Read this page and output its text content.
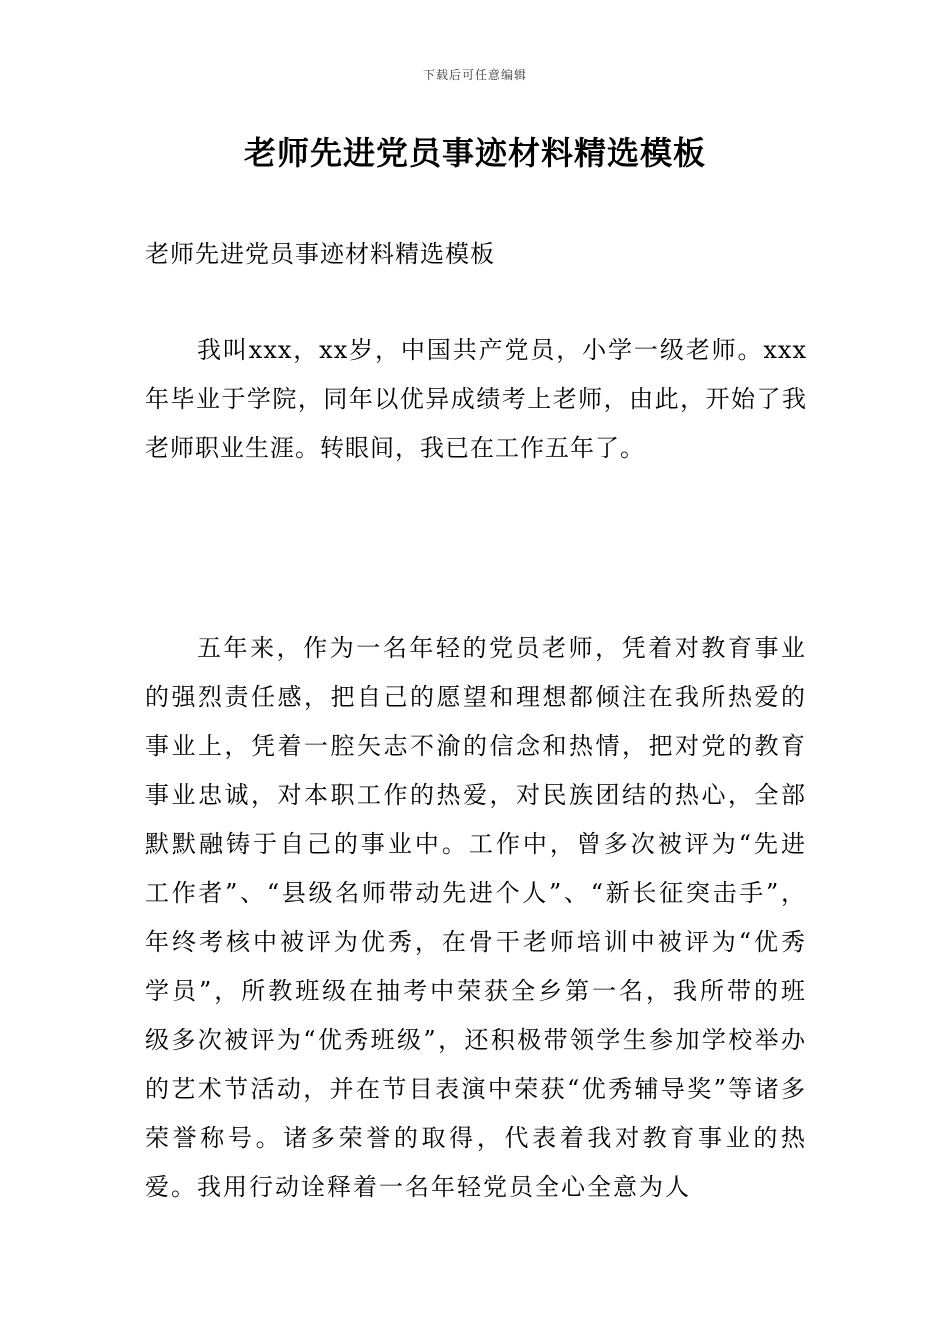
下载后可任意编辑
老师先进党员事迹材料精选模板
老师先进党员事迹材料精选模板

我叫xxx，xx岁，中国共产党员，小学一级老师。xxx年毕业于学院，同年以优异成绩考上老师，由此，开始了我老师职业生涯。转眼间，我已在工作五年了。

五年来，作为一名年轻的党员老师，凭着对教育事业的强烈责任感，把自己的愿望和理想都倾注在我所热爱的事业上，凭着一腔矢志不渝的信念和热情，把对党的教育事业忠诚，对本职工作的热爱，对民族团结的热心，全部默默融铸于自己的事业中。工作中，曾多次被评为“先进工作者”、“县级名师带动先进个人”、“新长征突击手”，年终考核中被评为优秀，在骨干老师培训中被评为“优秀学员”，所教班级在抽考中荣获全乡第一名，我所带的班级多次被评为“优秀班级”，还积极带领学生参加学校举办的艺术节活动，并在节目表演中荣获“优秀辅导奖”等诸多荣誉称号。诸多荣誉的取得，代表着我对教育事业的热爱。我用行动诠释着一名年轻党员全心全意为人
